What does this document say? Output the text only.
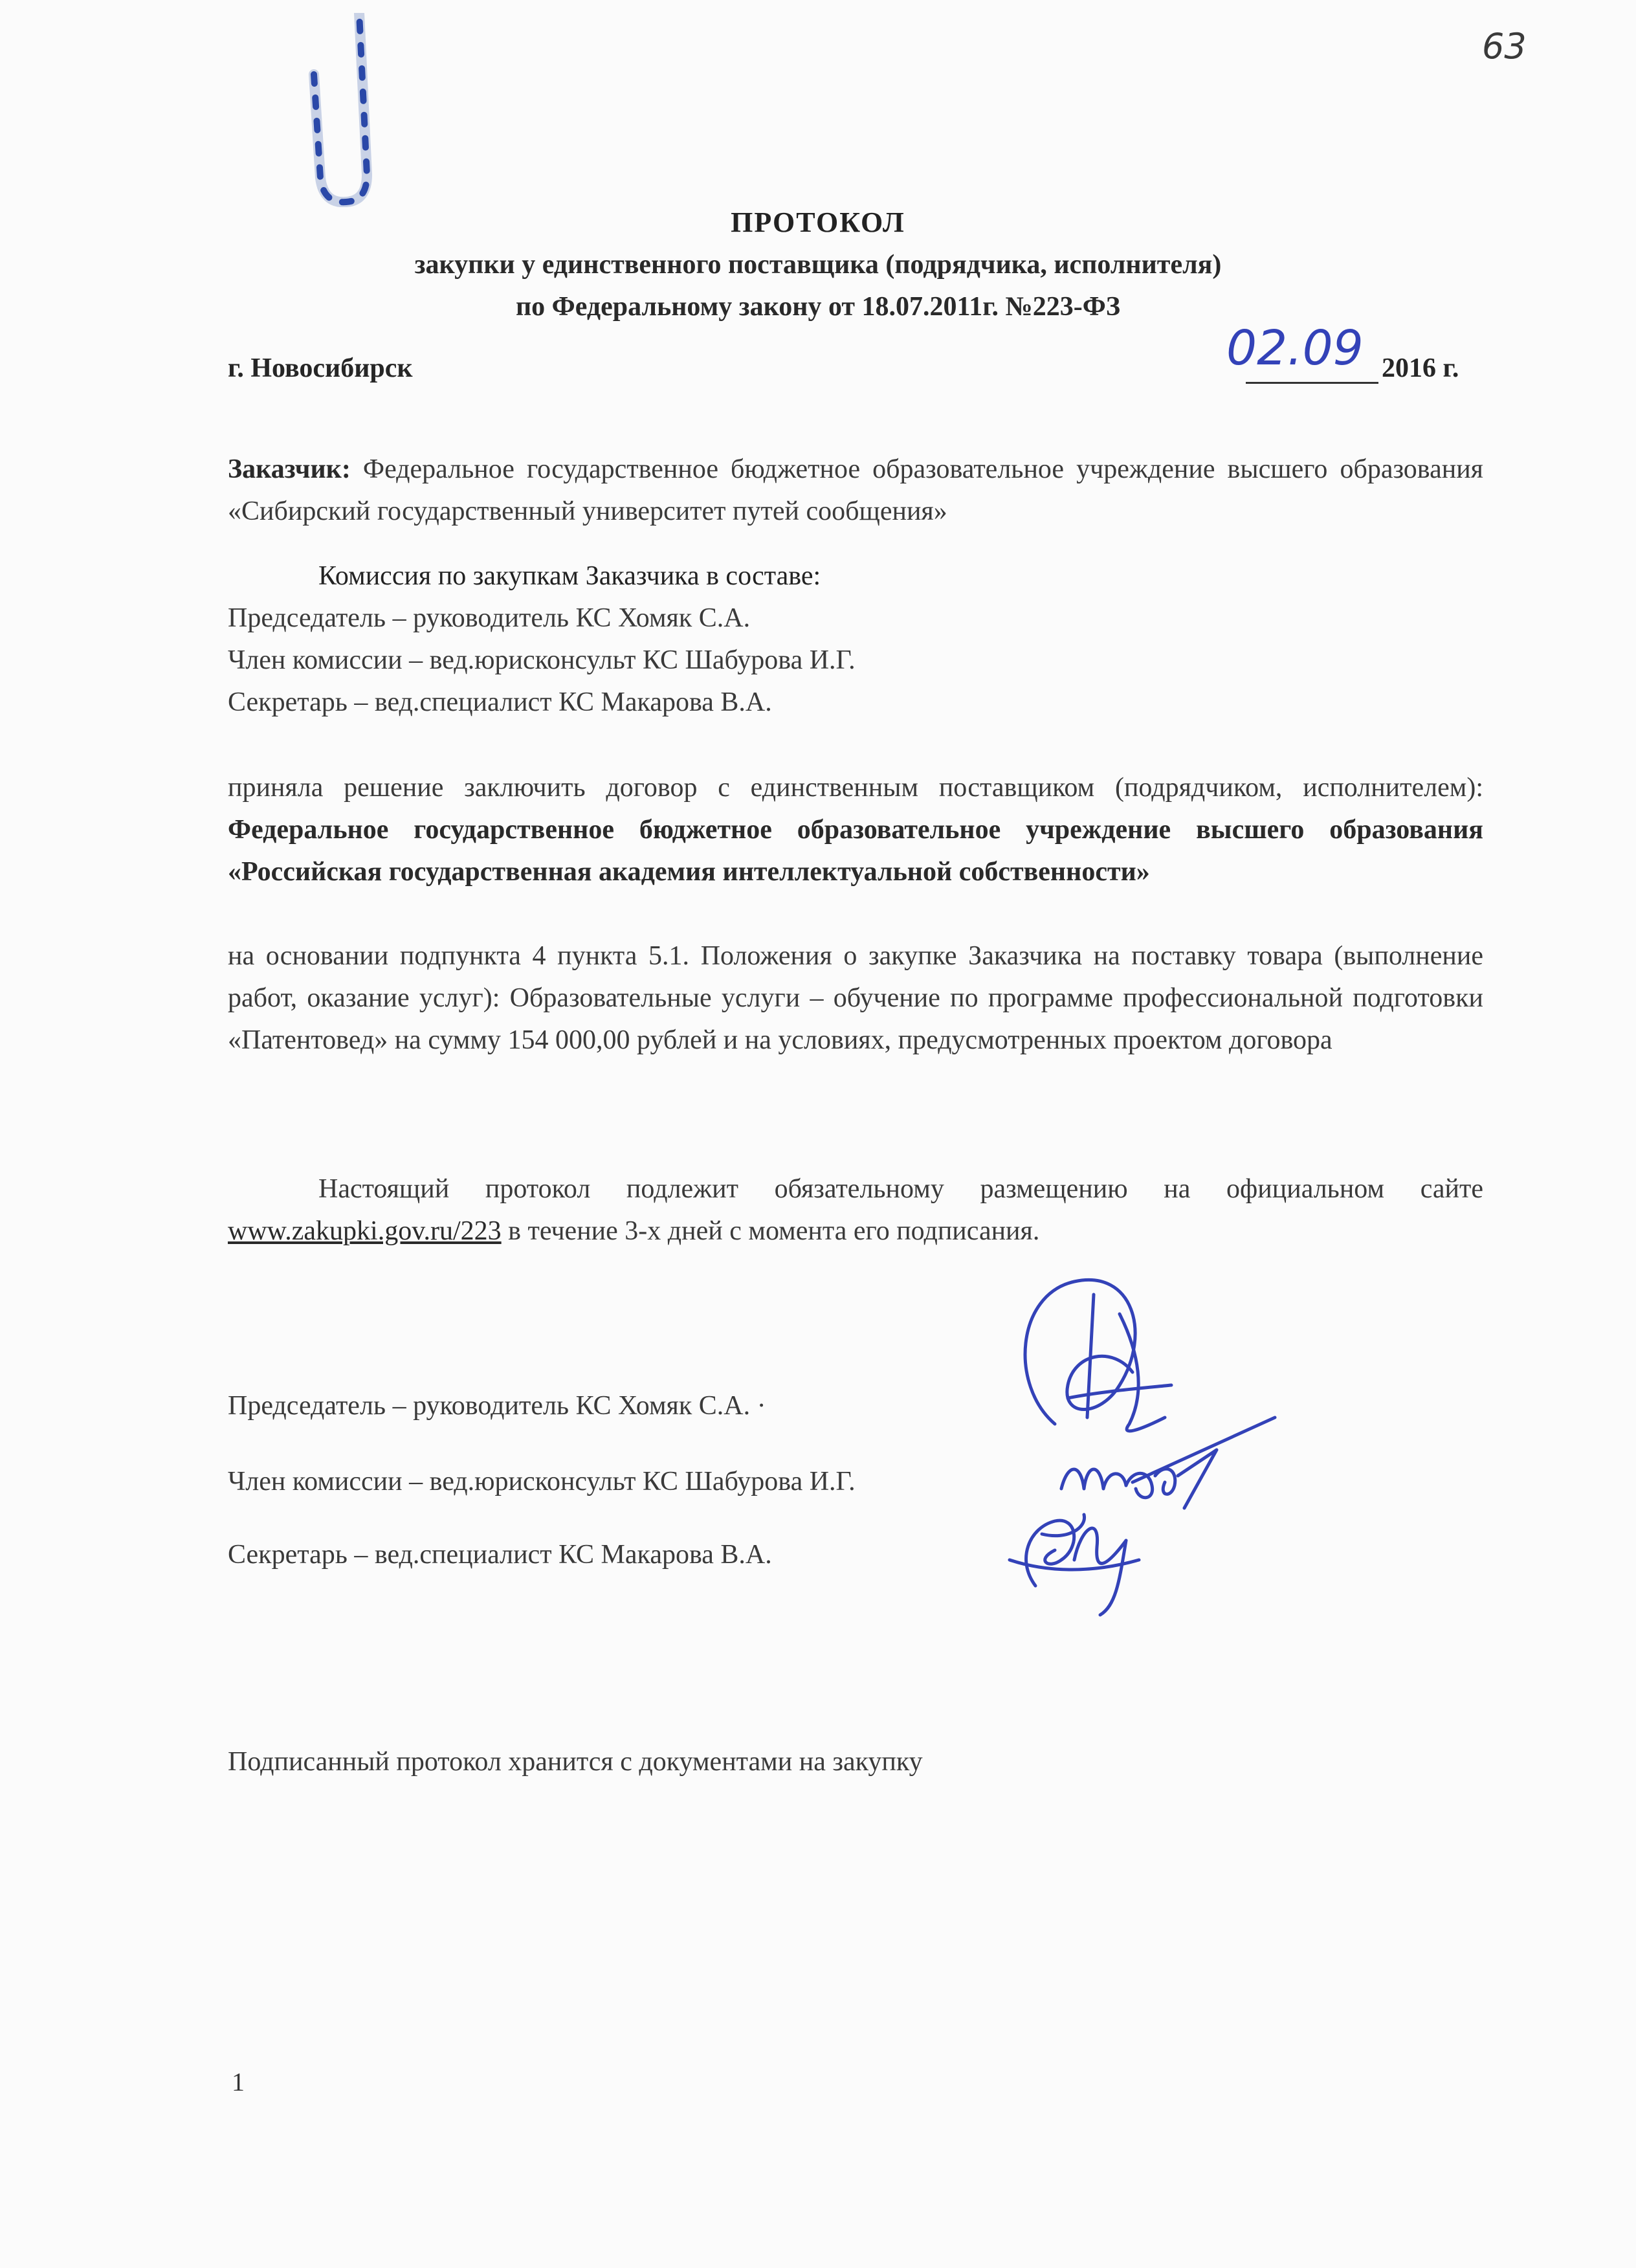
63
ПРОТОКОЛ
закупки у единственного поставщика (подрядчика, исполнителя)
по Федеральному закону от 18.07.2011г. №223-ФЗ
г. Новосибирск	02.09 2016 г.
Заказчик: Федеральное государственное бюджетное образовательное учреждение высшего образования «Сибирский государственный университет путей сообщения»
Комиссия по закупкам Заказчика в составе:
Председатель – руководитель КС Хомяк С.А.
Член комиссии – вед.юрисконсульт КС Шабурова И.Г.
Секретарь – вед.специалист КС Макарова В.А.
приняла решение заключить договор с единственным поставщиком (подрядчиком, исполнителем): Федеральное государственное бюджетное образовательное учреждение высшего образования «Российская государственная академия интеллектуальной собственности»
на основании подпункта 4 пункта 5.1. Положения о закупке Заказчика на поставку товара (выполнение работ, оказание услуг): Образовательные услуги – обучение по программе профессиональной подготовки «Патентовед» на сумму 154 000,00 рублей и на условиях, предусмотренных проектом договора
Настоящий протокол подлежит обязательному размещению на официальном сайте www.zakupki.gov.ru/223 в течение 3-х дней с момента его подписания.
Председатель – руководитель КС Хомяк С.А. ·
Член комиссии – вед.юрисконсульт КС Шабурова И.Г.
Секретарь – вед.специалист КС Макарова В.А.
Подписанный протокол хранится с документами на закупку
1
